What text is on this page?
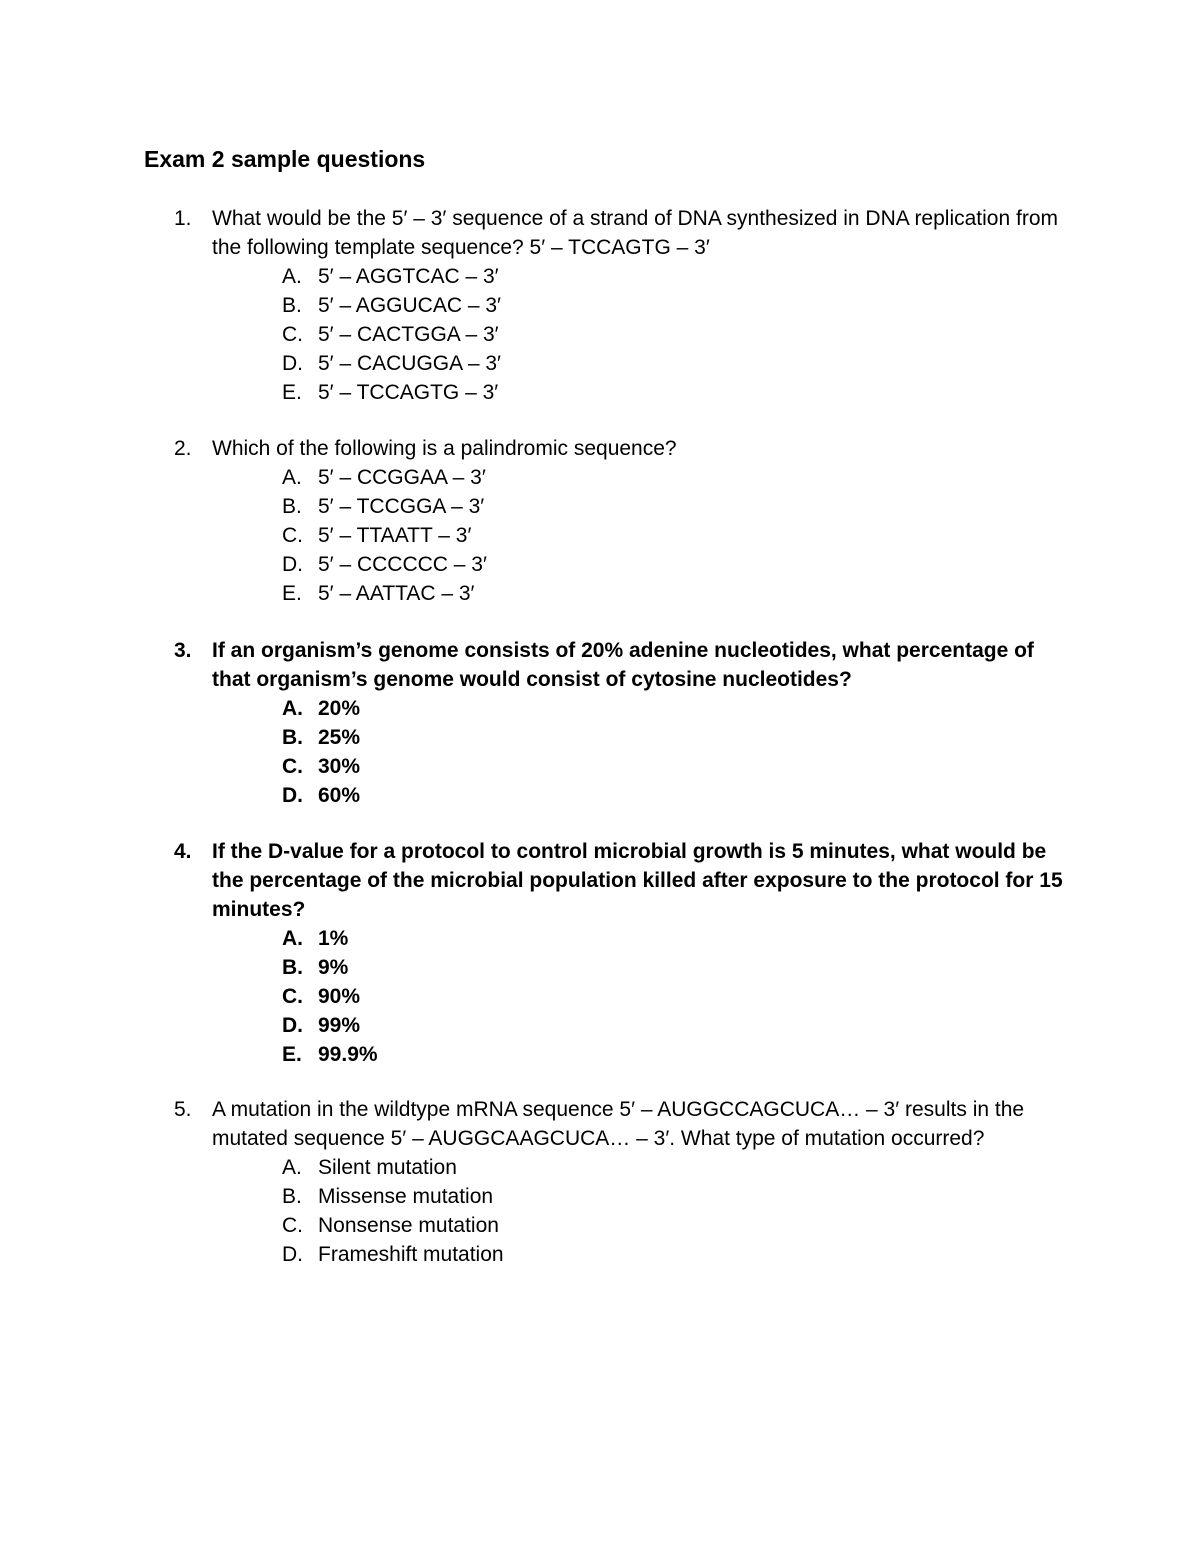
Exam 2 sample questions
1. What would be the 5′ – 3′ sequence of a strand of DNA synthesized in DNA replication from the following template sequence? 5′ – TCCAGTG – 3′
A. 5′ – AGGTCAC – 3′
B. 5′ – AGGUCAC – 3′
C. 5′ – CACTGGA – 3′
D. 5′ – CACUGGA – 3′
E. 5′ – TCCAGTG – 3′
2. Which of the following is a palindromic sequence?
A. 5′ – CCGGAA – 3′
B. 5′ – TCCGGA – 3′
C. 5′ – TTAATT – 3′
D. 5′ – CCCCCC – 3′
E. 5′ – AATTAC – 3′
3. If an organism’s genome consists of 20% adenine nucleotides, what percentage of that organism’s genome would consist of cytosine nucleotides?
A. 20%
B. 25%
C. 30%
D. 60%
4. If the D-value for a protocol to control microbial growth is 5 minutes, what would be the percentage of the microbial population killed after exposure to the protocol for 15 minutes?
A. 1%
B. 9%
C. 90%
D. 99%
E. 99.9%
5. A mutation in the wildtype mRNA sequence 5′ – AUGGCCAGCUCA… – 3′ results in the mutated sequence 5′ – AUGGCAAGCUCA… – 3′. What type of mutation occurred?
A. Silent mutation
B. Missense mutation
C. Nonsense mutation
D. Frameshift mutation
